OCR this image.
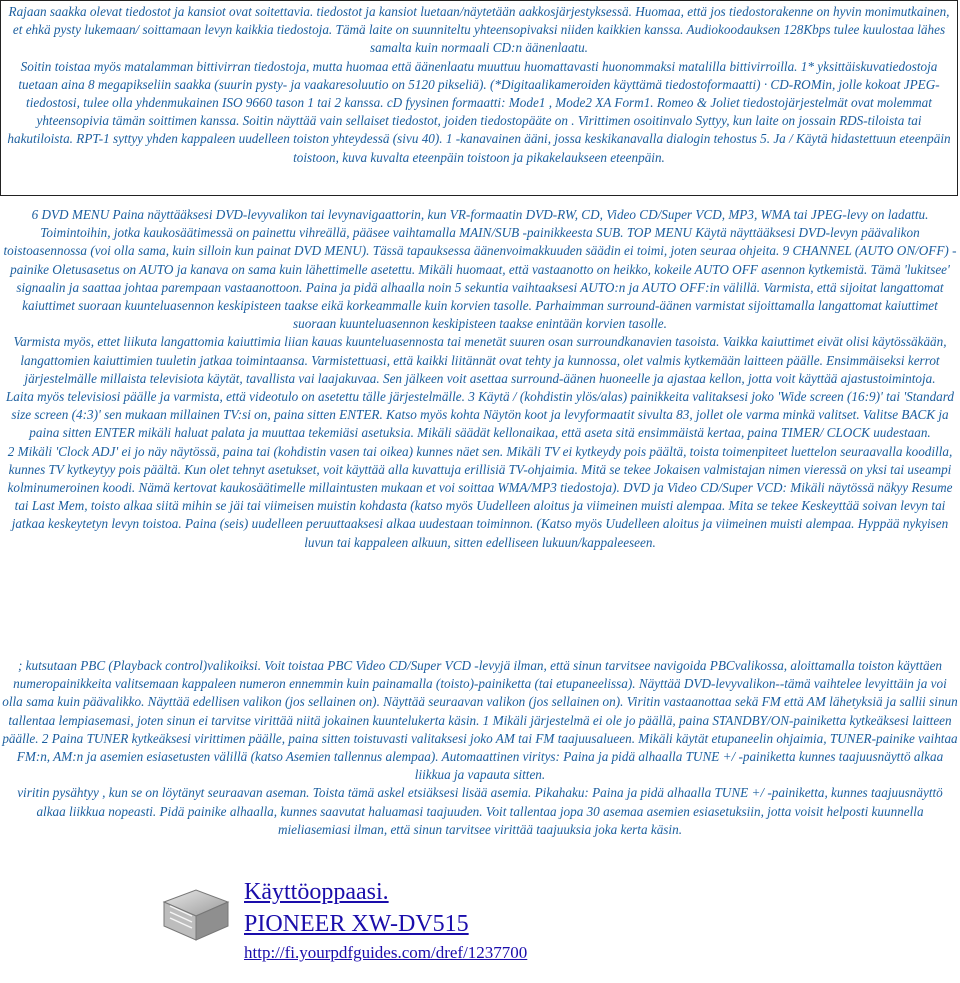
Rajaan saakka olevat tiedostot ja kansiot ovat soitettavia. tiedostot ja kansiot luetaan/näytetään aakkosjärjestyksessä. Huomaa, että jos tiedostorakenne on hyvin monimutkainen, et ehkä pysty lukemaan/ soittamaan levyn kaikkia tiedostoja. Tämä laite on suunniteltu yhteensopivaksi niiden kaikkien kanssa. Audiokoodauksen 128Kbps tulee kuulostaa lähes samalta kuin normaali CD:n äänenlaatu.

Soitin toistaa myös matalamman bittivirran tiedostoja, mutta huomaa että äänenlaatu muuttuu huomattavasti huonommaksi matalilla bittivirroilla. 1* yksittäiskuvatiedostoja tuetaan aina 8 megapikseliin saakka (suurin pysty- ja vaakaresoluutio on 5120 pikseliä). (*Digitaalikameroiden käyttämä tiedostoformaatti) · CD-ROMin, jolle kokoat JPEG-tiedostosi, tulee olla yhdenmukainen ISO 9660 tason 1 tai 2 kanssa. cD fyysinen formaatti: Mode1 , Mode2 XA Form1. Romeo & Joliet tiedostojärjestelmät ovat molemmat yhteensopivia tämän soittimen kanssa. Soitin näyttää vain sellaiset tiedostot, joiden tiedostopääte on . Virittimen osoitinvalo Syttyy, kun laite on jossain RDS-tiloista tai hakutiloista. RPT-1 syttyy yhden kappaleen uudelleen toiston yhteydessä (sivu 40). 1 -kanavainen ääni, jossa keskikanavalla dialogin tehostus 5. Ja / Käytä hidastettuun eteenpäin toistoon, kuva kuvalta eteenpäin toistoon ja pikakelaukseen eteenpäin.

6 DVD MENU Paina näyttääksesi DVD-levyvalikon tai levynavigaattorin, kun VR-formaatin DVD-RW, CD, Video CD/Super VCD, MP3, WMA tai JPEG-levy on ladattu. Toimintoihin, jotka kaukosäätimessä on painettu vihreällä, pääsee vaihtamalla MAIN/SUB -painikkeesta SUB. TOP MENU Käytä näyttääksesi DVD-levyn päävalikon toistoasennossa (voi olla sama, kuin silloin kun painat DVD MENU). Tässä tapauksessa äänenvoimakkuuden säädin ei toimi, joten seuraa ohjeita. 9 CHANNEL (AUTO ON/OFF) -painike Oletusasetus on AUTO ja kanava on sama kuin lähettimelle asetettu. Mikäli huomaat, että vastaanotto on heikko, kokeile AUTO OFF asennon kytkemistä. Tämä 'lukitsee' signaalin ja saattaa johtaa parempaan vastaanottoon. Paina ja pidä alhaalla noin 5 sekuntia vaihtaaksesi AUTO:n ja AUTO OFF:in välillä. Varmista, että sijoitat langattomat kaiuttimet suoraan kuunteluasennon keskipisteen taakse eikä korkeammalle kuin korvien tasolle. Parhaimman surround-äänen varmistat sijoittamalla langattomat kaiuttimet suoraan kuunteluasennon keskipisteen taakse enintään korvien tasolle.

Varmista myös, ettet liikuta langattomia kaiuttimia liian kauas kuunteluasennosta tai menetät suuren osan surroundkanavien tasoista. Vaikka kaiuttimet eivät olisi käytössäkään, langattomien kaiuttimien tuuletin jatkaa toimintaansa. Varmistettuasi, että kaikki liitännät ovat tehty ja kunnossa, olet valmis kytkemään laitteen päälle. Ensimmäiseksi kerrot järjestelmälle millaista televisiota käytät, tavallista vai laajakuvaa. Sen jälkeen voit asettaa surround-äänen huoneelle ja ajastaa kellon, jotta voit käyttää ajastustoimintoja.

Laita myös televisiosi päälle ja varmista, että videotulo on asetettu tälle järjestelmälle. 3 Käytä / (kohdistin ylös/alas) painikkeita valitaksesi joko 'Wide screen (16:9)' tai 'Standard size screen (4:3)' sen mukaan millainen TV:si on, paina sitten ENTER. Katso myös kohta Näytön koot ja levyformaatit sivulta 83, jollet ole varma minkä valitset. Valitse BACK ja paina sitten ENTER mikäli haluat palata ja muuttaa tekemiäsi asetuksia. Mikäli säädät kellonaikaa, että aseta sitä ensimmäistä kertaa, paina TIMER/ CLOCK uudestaan.

2 Mikäli 'Clock ADJ' ei jo näy näytössä, paina tai (kohdistin vasen tai oikea) kunnes näet sen. Mikäli TV ei kytkeydy pois päältä, toista toimenpiteet luettelon seuraavalla koodilla, kunnes TV kytkeytyy pois päältä. Kun olet tehnyt asetukset, voit käyttää alla kuvattuja erillisiä TV-ohjaimia. Mitä se tekee Jokaisen valmistajan nimen vieressä on yksi tai useampi kolminumeroinen koodi. Nämä kertovat kaukosäätimelle millaintusten mukaan et voi soittaa WMA/MP3 tiedostoja). DVD ja Video CD/Super VCD: Mikäli näytössä näkyy Resume tai Last Mem, toisto alkaa siitä mihin se jäi tai viimeisen muistin kohdasta (katso myös Uudelleen aloitus ja viimeinen muisti alempaa. Mita se tekee Keskeyttää soivan levyn tai jatkaa keskeytetyn levyn toistoa. Paina (seis) uudelleen peruuttaaksesi alkaa uudestaan toiminnon. (Katso myös Uudelleen aloitus ja viimeinen muisti alempaa. Hyppää nykyisen luvun tai kappaleen alkuun, sitten edelliseen lukuun/kappaleeseen.

; kutsutaan PBC (Playback control)valikoiksi. Voit toistaa PBC Video CD/Super VCD -levyjä ilman, että sinun tarvitsee navigoida PBCvalikossa, aloittamalla toiston käyttäen numeropainikkeita valitsemaan kappaleen numeron ennemmin kuin painamalla (toisto)-painiketta (tai etupaneelissa). Näyttää DVD-levyvalikon--tämä vaihtelee levyittäin ja voi olla sama kuin päävalikko. Näyttää edellisen valikon (jos sellainen on). Näyttää seuraavan valikon (jos sellainen on). Viritin vastaanottaa sekä FM että AM lähetyksiä ja sallii sinun tallentaa lempiasemasi, joten sinun ei tarvitse virittää niitä jokainen kuuntelukerta käsin. 1 Mikäli järjestelmä ei ole jo päällä, paina STANDBY/ON-painiketta kytkeäksesi laitteen päälle. 2 Paina TUNER kytkeäksesi virittimen päälle, paina sitten toistuvasti valitaksesi joko AM tai FM taajuusalueen. Mikäli käytät etupaneelin ohjaimia, TUNER-painike vaihtaa FM:n, AM:n ja asemien esiasetusten välillä (katso Asemien tallennus alempaa). Automaattinen viritys: Paina ja pidä alhaalla TUNE +/ -painiketta kunnes taajuusnäyttö alkaa liikkua ja vapauta sitten.

viritin pysähtyy , kun se on löytänyt seuraavan aseman. Toista tämä askel etsiäksesi lisää asemia. Pikahaku: Paina ja pidä alhaalla TUNE +/ -painiketta, kunnes taajuusnäyttö alkaa liikkua nopeasti. Pidä painike alhaalla, kunnes saavutat haluamasi taajuuden. Voit tallentaa jopa 30 asemaa asemien esiasetuksiin, jotta voisit helposti kuunnella mieliasemiasi ilman, että sinun tarvitsee virittää taajuuksia joka kerta käsin.

Käyttöoppaasi.
PIONEER XW-DV515
http://fi.yourpdfguides.com/dref/1237700
